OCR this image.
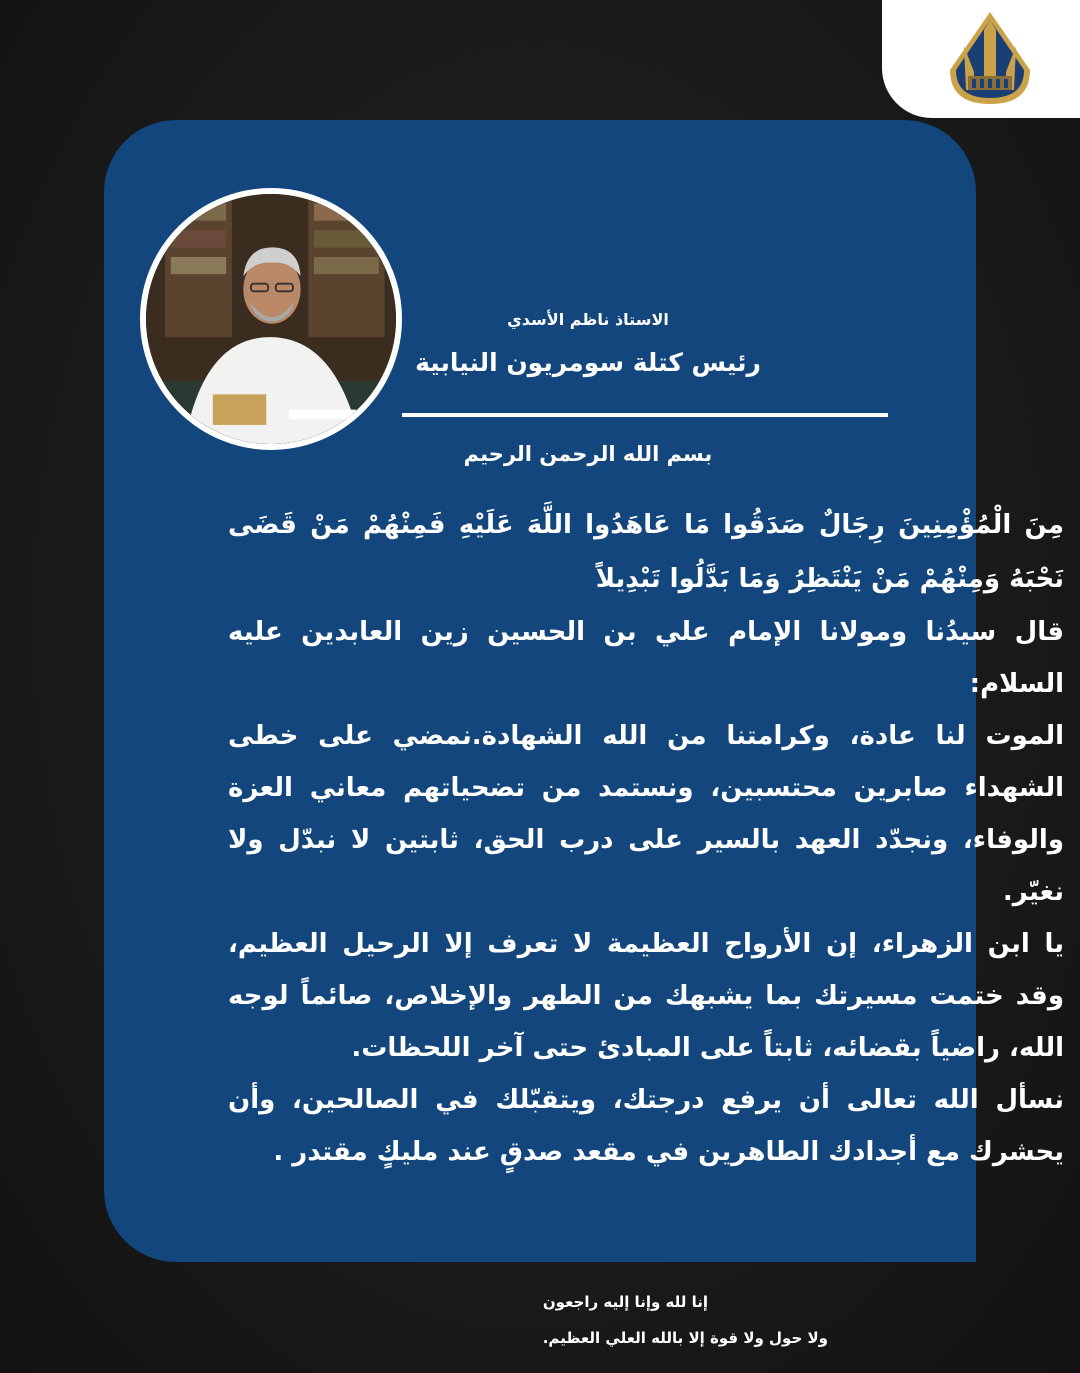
الاستاذ ناظم الأسدي
رئيس كتلة سومريون النيابية
بسم الله الرحمن الرحيم

مِنَ الْمُؤْمِنِينَ رِجَالٌ صَدَقُوا مَا عَاهَدُوا اللَّهَ عَلَيْهِ فَمِنْهُمْ مَنْ قَضَى نَحْبَهُ وَمِنْهُمْ مَنْ يَنْتَظِرُ وَمَا بَدَّلُوا تَبْدِيلاً

قال سيدُنا ومولانا الإمام علي بن الحسين زين العابدين عليه السلام:

الموت لنا عادة، وكرامتنا من الله الشهادة.نمضي على خطى الشهداء صابرين محتسبين، ونستمد من تضحياتهم معاني العزة والوفاء، ونجدّد العهد بالسير على درب الحق، ثابتين لا نبدّل ولا نغيّر.

يا ابن الزهراء، إن الأرواح العظيمة لا تعرف إلا الرحيل العظيم، وقد ختمت مسيرتك بما يشبهك من الطهر والإخلاص، صائماً لوجه الله، راضياً بقضائه، ثابتاً على المبادئ حتى آخر اللحظات.

نسأل الله تعالى أن يرفع درجتك، ويتقبّلك في الصالحين، وأن يحشرك مع أجدادك الطاهرين في مقعد صدقٍ عند مليكٍ مقتدر .

إنا لله وإنا إليه راجعون
ولا حول ولا قوة إلا بالله العلي العظيم.
